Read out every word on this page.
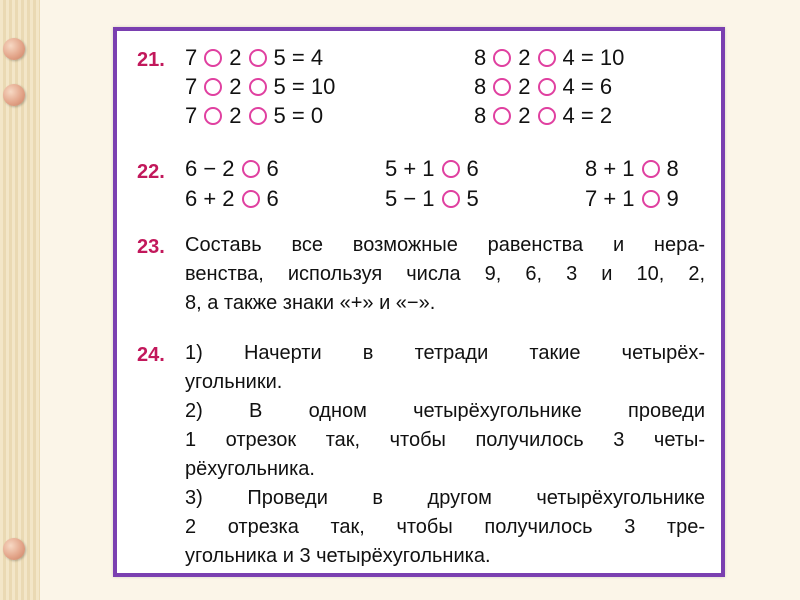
21. 7 2 5
= 4
7 2 5
= 10
7 2 5
= 0
8 2 4
= 10
8 2 4
= 6
8 2 4
= 2
22. 6 − 2 6
6 + 2 6
5 + 1 6
5 − 1 5
8 + 1 8
7 + 1 9
23. Составь все возможные равенства и нера-
венства, используя числа 9, 6, 3 и 10, 2,
8, а также знаки «+» и «−».
24. 1) Начерти в тетради такие четырёх-
угольники.
2) В одном четырёхугольнике проведи
1 отрезок так, чтобы получилось 3 четы-
рёхугольника.
3) Проведи в другом четырёхугольнике
2 отрезка так, чтобы получилось 3 тре-
угольника и 3 четырёхугольника.
